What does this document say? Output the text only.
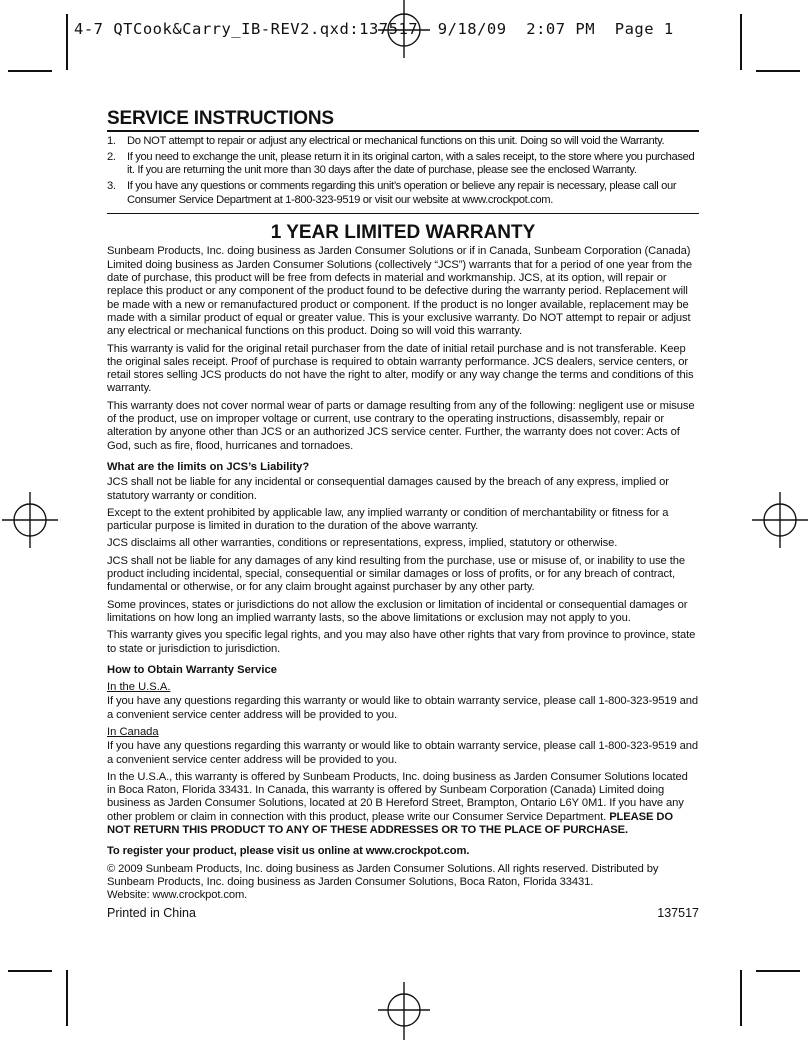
4-7 QTCook&Carry_IB-REV2.qxd:137517  9/18/09  2:07 PM  Page 1
SERVICE INSTRUCTIONS
1. Do NOT attempt to repair or adjust any electrical or mechanical functions on this unit. Doing so will void the Warranty.
2. If you need to exchange the unit, please return it in its original carton, with a sales receipt, to the store where you purchased it. If you are returning the unit more than 30 days after the date of purchase, please see the enclosed Warranty.
3. If you have any questions or comments regarding this unit’s operation or believe any repair is necessary, please call our Consumer Service Department at 1-800-323-9519 or visit our website at www.crockpot.com.
1 YEAR LIMITED WARRANTY

Sunbeam Products, Inc. doing business as Jarden Consumer Solutions or if in Canada, Sunbeam Corporation (Canada) Limited doing business as Jarden Consumer Solutions (collectively “JCS”) warrants that for a period of one year from the date of purchase, this product will be free from defects in material and workmanship. JCS, at its option, will repair or replace this product or any component of the product found to be defective during the warranty period. Replacement will be made with a new or remanufactured product or component. If the product is no longer available, replacement may be made with a similar product of equal or greater value. This is your exclusive warranty. Do NOT attempt to repair or adjust any electrical or mechanical functions on this product. Doing so will void this warranty.

This warranty is valid for the original retail purchaser from the date of initial retail purchase and is not transferable. Keep the original sales receipt. Proof of purchase is required to obtain warranty performance. JCS dealers, service centers, or retail stores selling JCS products do not have the right to alter, modify or any way change the terms and conditions of this warranty.

This warranty does not cover normal wear of parts or damage resulting from any of the following: negligent use or misuse of the product, use on improper voltage or current, use contrary to the operating instructions, disassembly, repair or alteration by anyone other than JCS or an authorized JCS service center. Further, the warranty does not cover: Acts of God, such as fire, flood, hurricanes and tornadoes.

What are the limits on JCS’s Liability?

JCS shall not be liable for any incidental or consequential damages caused by the breach of any express, implied or statutory warranty or condition.

Except to the extent prohibited by applicable law, any implied warranty or condition of merchantability or fitness for a particular purpose is limited in duration to the duration of the above warranty.

JCS disclaims all other warranties, conditions or representations, express, implied, statutory or otherwise.

JCS shall not be liable for any damages of any kind resulting from the purchase, use or misuse of, or inability to use the product including incidental, special, consequential or similar damages or loss of profits, or for any breach of contract, fundamental or otherwise, or for any claim brought against purchaser by any other party.

Some provinces, states or jurisdictions do not allow the exclusion or limitation of incidental or consequential damages or limitations on how long an implied warranty lasts, so the above limitations or exclusion may not apply to you.

This warranty gives you specific legal rights, and you may also have other rights that vary from province to province, state to state or jurisdiction to jurisdiction.

How to Obtain Warranty Service
In the U.S.A.

If you have any questions regarding this warranty or would like to obtain warranty service, please call 1-800-323-9519 and a convenient service center address will be provided to you.

In Canada

If you have any questions regarding this warranty or would like to obtain warranty service, please call 1-800-323-9519 and a convenient service center address will be provided to you.

In the U.S.A., this warranty is offered by Sunbeam Products, Inc. doing business as Jarden Consumer Solutions located in Boca Raton, Florida 33431. In Canada, this warranty is offered by Sunbeam Corporation (Canada) Limited doing business as Jarden Consumer Solutions, located at 20 B Hereford Street, Brampton, Ontario L6Y 0M1. If you have any other problem or claim in connection with this product, please write our Consumer Service Department. PLEASE DO NOT RETURN THIS PRODUCT TO ANY OF THESE ADDRESSES OR TO THE PLACE OF PURCHASE.

To register your product, please visit us online at www.crockpot.com.

© 2009 Sunbeam Products, Inc. doing business as Jarden Consumer Solutions. All rights reserved. Distributed by Sunbeam Products, Inc. doing business as Jarden Consumer Solutions, Boca Raton, Florida 33431.
Website: www.crockpot.com.

Printed in China	137517
